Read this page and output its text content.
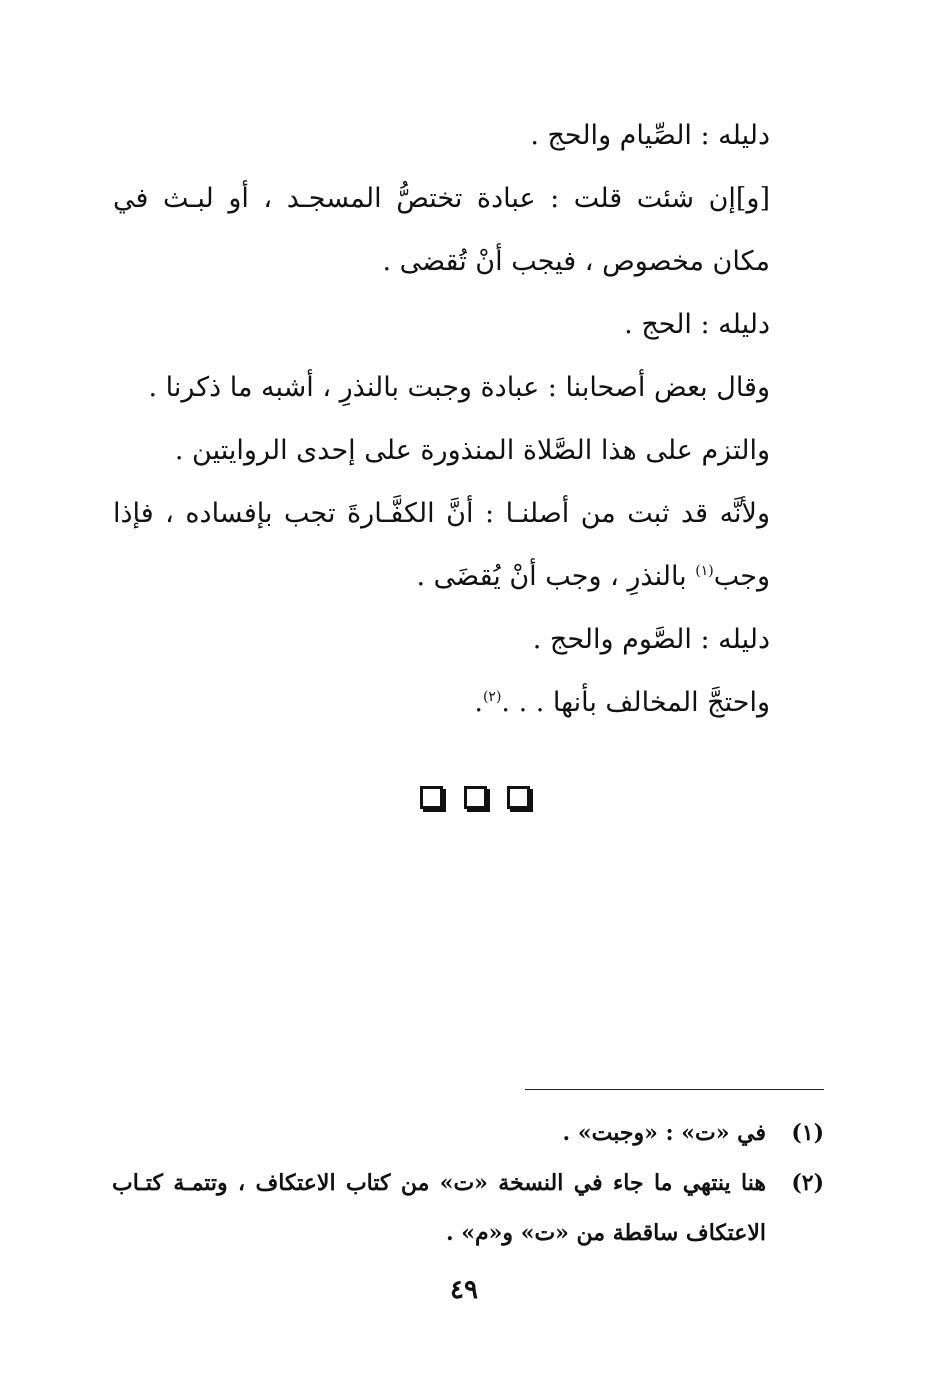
دليله : الصِّيام والحج .

[و]إن شئت قلت : عبادة تختصُّ المسجـد ، أو لبـث في مكان مخصوص ، فيجب أنْ تُقضى .

دليله : الحج .

وقال بعض أصحابنا : عبادة وجبت بالنذرِ ، أشبه ما ذكرنا .

والتزم على هذا الصَّلاة المنذورة على إحدى الروايتين .

ولأنَّه قد ثبت من أصلنـا : أنَّ الكفَّـارةَ تجب بإفساده ، فإذا وجب$^{(١)}$ بالنذرِ ، وجب أنْ يُقضَى .

دليله : الصَّوم والحج .

واحتجَّ المخالف بأنها . . .$^{(٢)}$.

(١)
في «ت» : «وجبت» .
(٢)
هنا ينتهي ما جاء في النسخة «ت» من كتاب الاعتكاف ، وتتمـة كتـاب الاعتكاف ساقطة من «ت» و«م» .
٤٩
